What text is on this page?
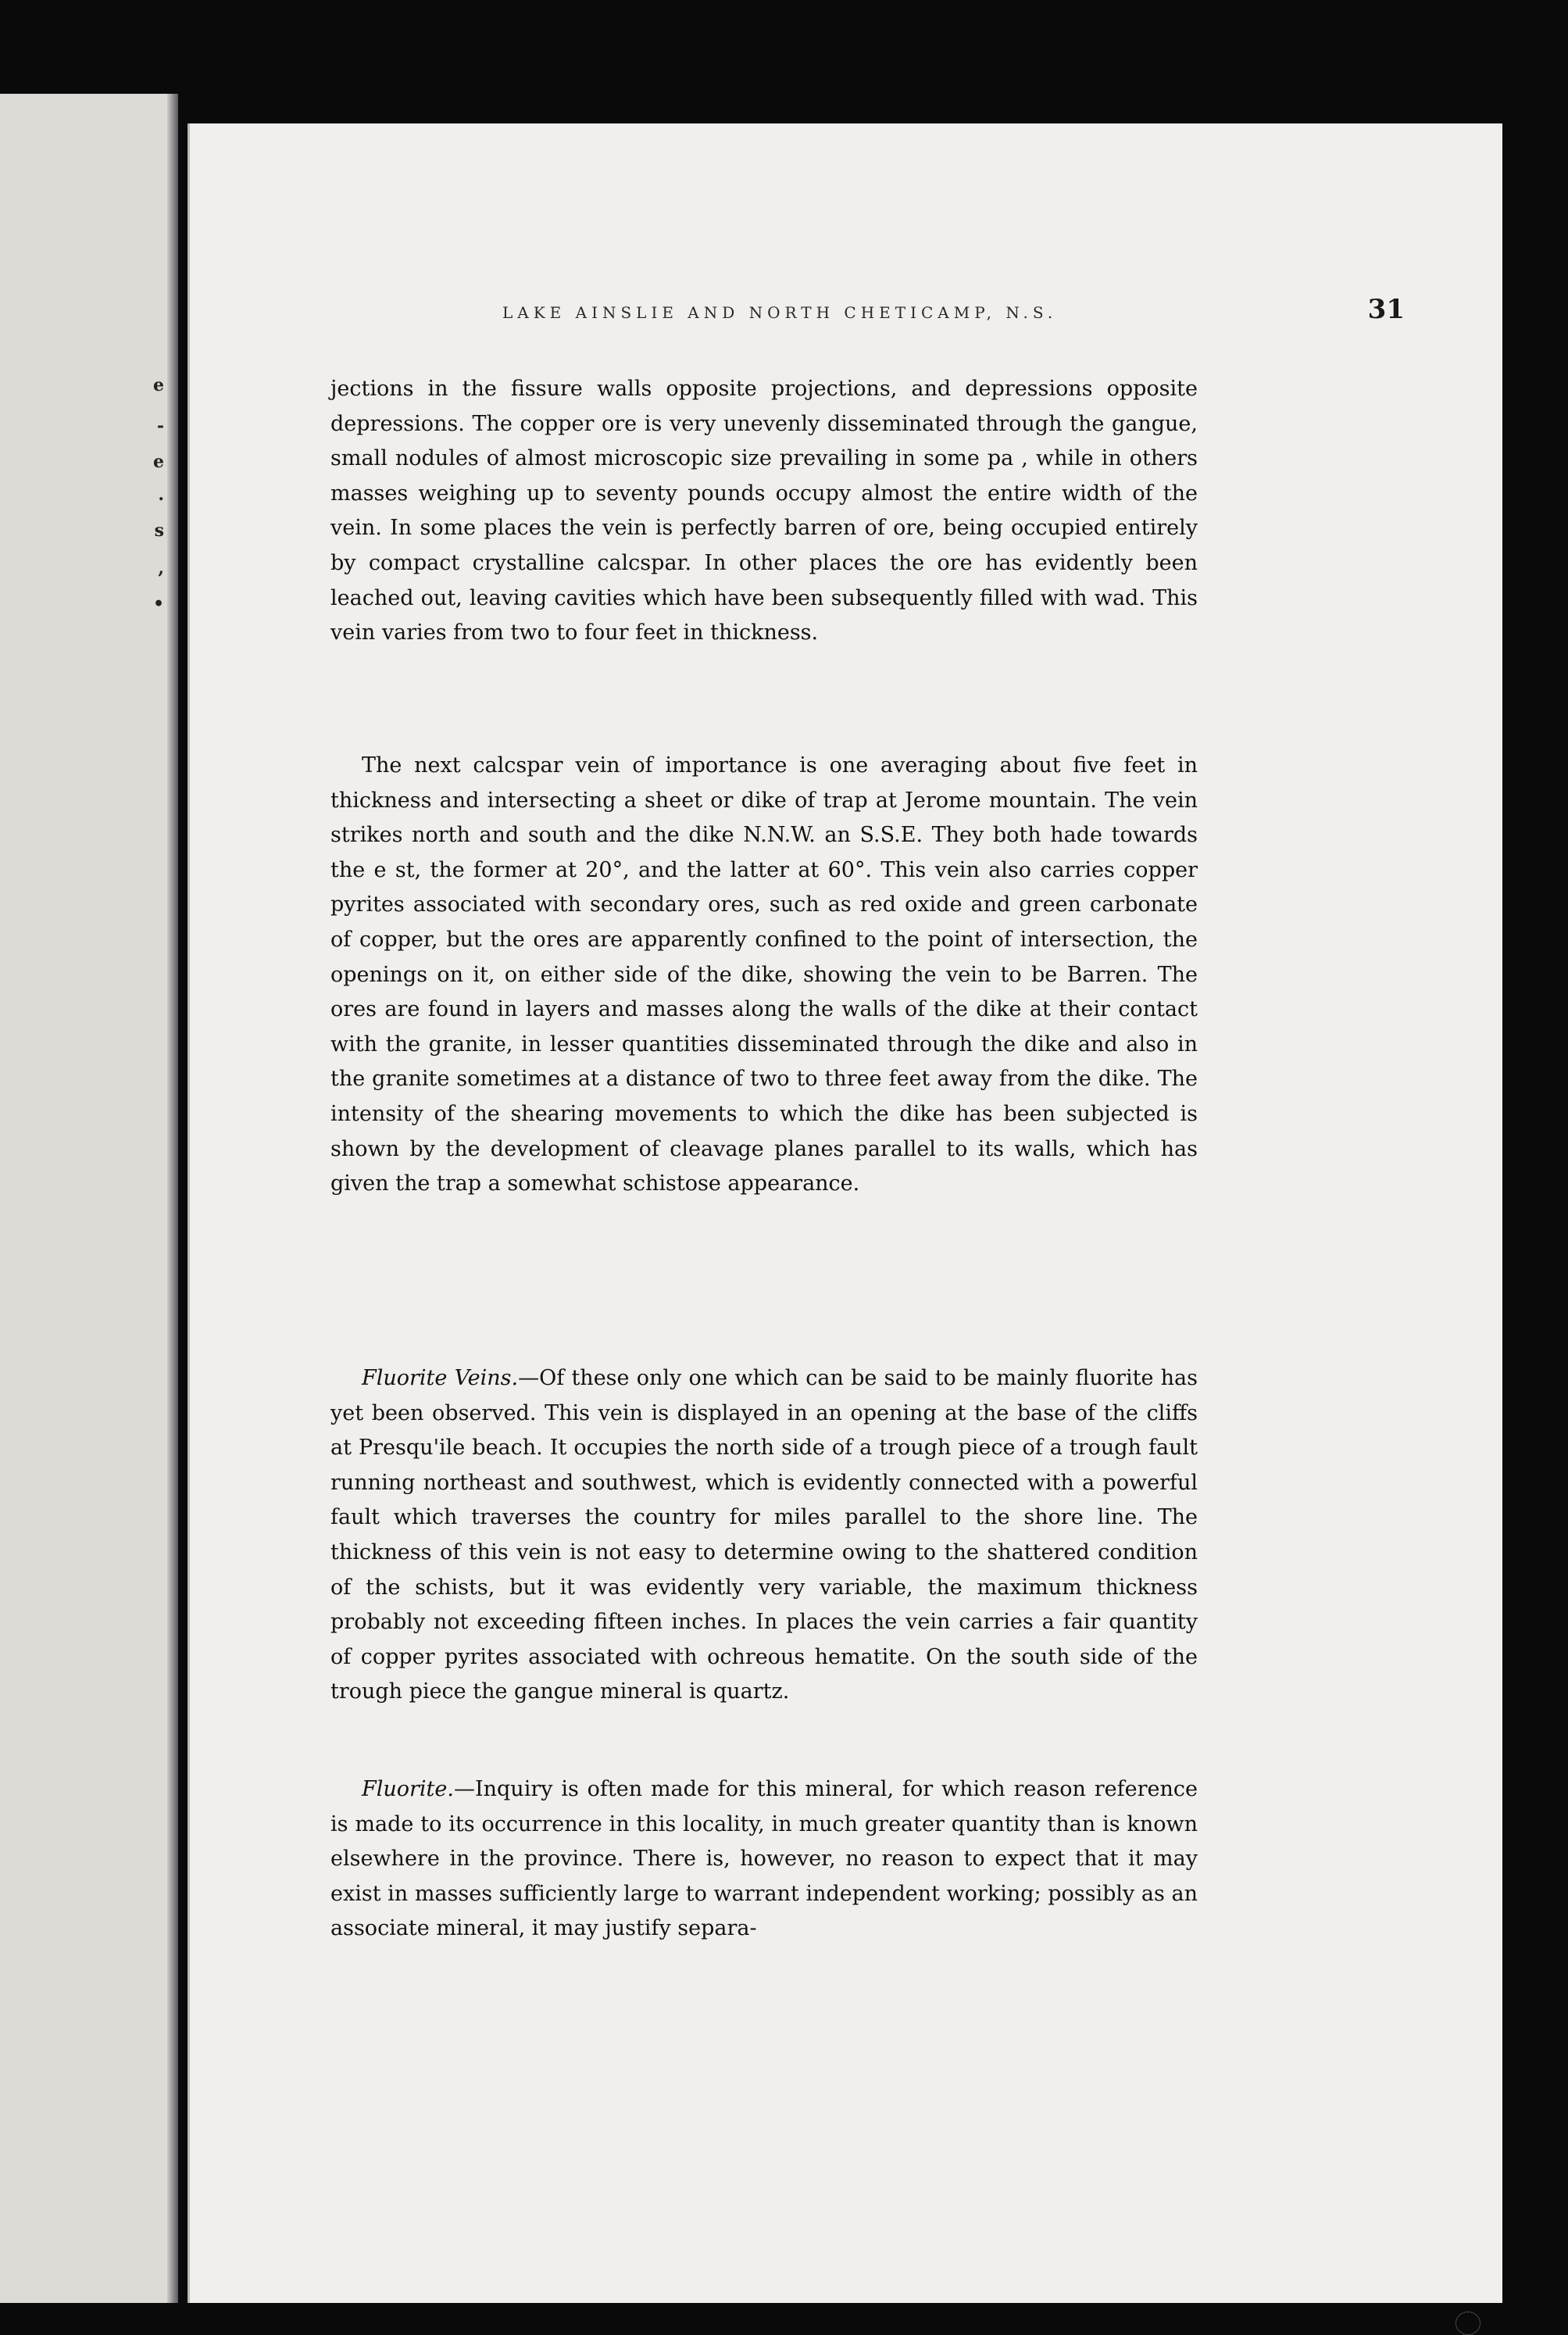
e
-
e
.
s
,
•
LAKE AINSLIE AND NORTH CHETICAMP, N.S.	31

jections in the fissure walls opposite projections, and depressions opposite depressions. The copper ore is very unevenly disseminated through the gangue, small nodules of almost microscopic size prevailing in some pa , while in others masses weighing up to seventy pounds occupy almost the entire width of the vein. In some places the vein is perfectly barren of ore, being occupied entirely by compact crystalline calcspar. In other places the ore has evidently been leached out, leaving cavities which have been subsequently filled with wad. This vein varies from two to four feet in thickness.

The next calcspar vein of importance is one averaging about five feet in thickness and intersecting a sheet or dike of trap at Jerome mountain. The vein strikes north and south and the dike N.N.W. an S.S.E. They both hade towards the e st, the former at 20°, and the latter at 60°. This vein also carries copper pyrites associated with secondary ores, such as red oxide and green carbonate of copper, but the ores are apparently confined to the point of intersection, the openings on it, on either side of the dike, showing the vein to be Barren. The ores are found in layers and masses along the walls of the dike at their contact with the granite, in lesser quantities disseminated through the dike and also in the granite sometimes at a distance of two to three feet away from the dike. The intensity of the shearing movements to which the dike has been subjected is shown by the development of cleavage planes parallel to its walls, which has given the trap a somewhat schistose appearance.

Fluorite Veins.—Of these only one which can be said to be mainly fluorite has yet been observed. This vein is displayed in an opening at the base of the cliffs at Presqu'ile beach. It occupies the north side of a trough piece of a trough fault running northeast and southwest, which is evidently connected with a powerful fault which traverses the country for miles parallel to the shore line. The thickness of this vein is not easy to determine owing to the shattered condition of the schists, but it was evidently very variable, the maximum thickness probably not exceeding fifteen inches. In places the vein carries a fair quantity of copper pyrites associated with ochreous hematite. On the south side of the trough piece the gangue mineral is quartz.

Fluorite.—Inquiry is often made for this mineral, for which reason reference is made to its occurrence in this locality, in much greater quantity than is known elsewhere in the province. There is, however, no reason to expect that it may exist in masses sufficiently large to warrant independent working; possibly as an associate mineral, it may justify separa-
